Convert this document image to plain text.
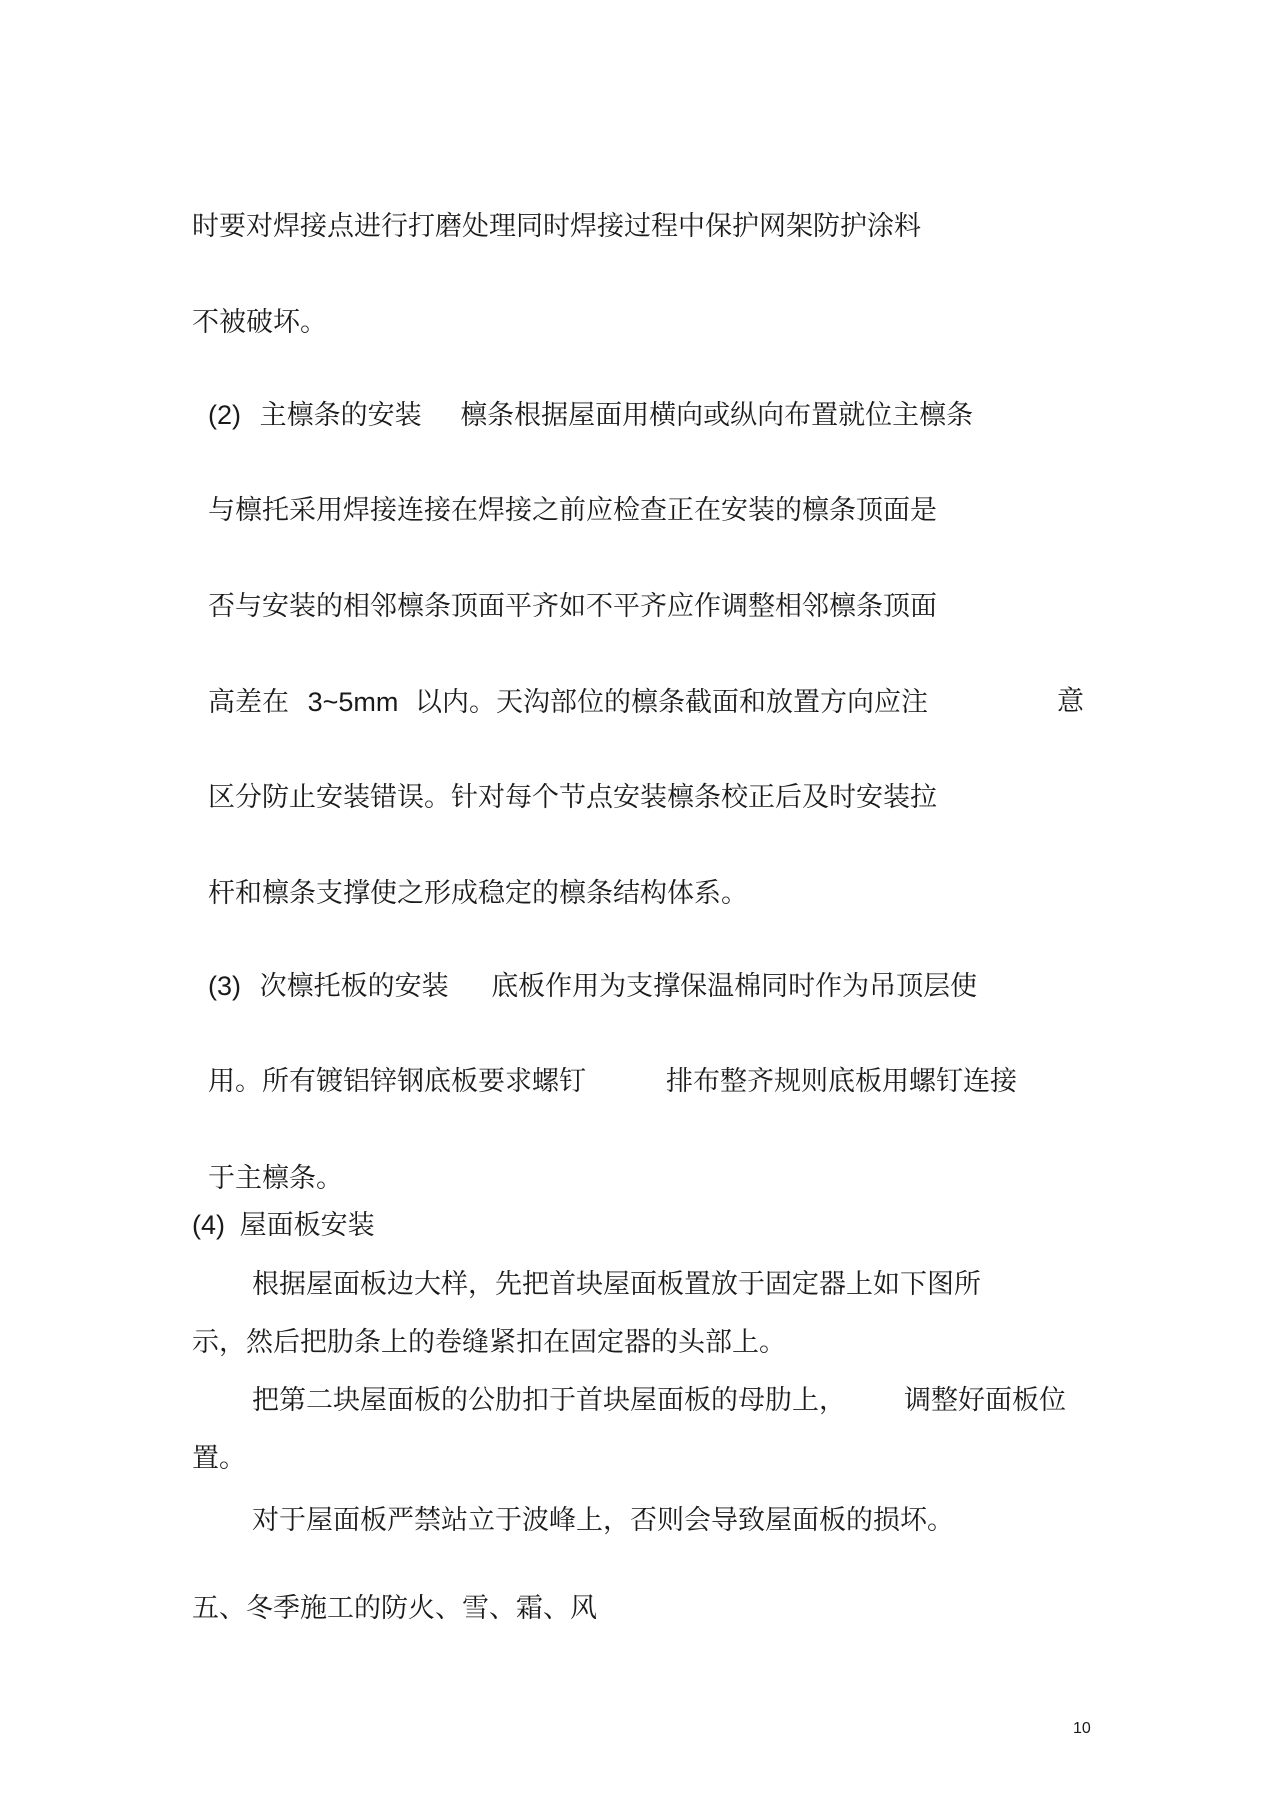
时要对焊接点进行打磨处理同时焊接过程中保护网架防护涂料
不被破坏。
(2) 主檩条的安装 檩条根据屋面用横向或纵向布置就位主檩条
与檩托采用焊接连接在焊接之前应检查正在安装的檩条顶面是
否与安装的相邻檩条顶面平齐如不平齐应作调整相邻檩条顶面
高差在 3~5mm 以内。天沟部位的檩条截面和放置方向应注	意
区分防止安装错误。针对每个节点安装檩条校正后及时安装拉
杆和檩条支撑使之形成稳定的檩条结构体系。
(3) 次檩托板的安装 底板作用为支撑保温棉同时作为吊顶层使
用。所有镀铝锌钢底板要求螺钉	排布整齐规则底板用螺钉连接
于主檩条。
(4) 屋面板安装
根据屋面板边大样，先把首块屋面板置放于固定器上如下图所
示，然后把肋条上的卷缝紧扣在固定器的头部上。
把第二块屋面板的公肋扣于首块屋面板的母肋上， 调整好面板位
置。
对于屋面板严禁站立于波峰上，否则会导致屋面板的损坏。
五、冬季施工的防火、雪、霜、风
10
